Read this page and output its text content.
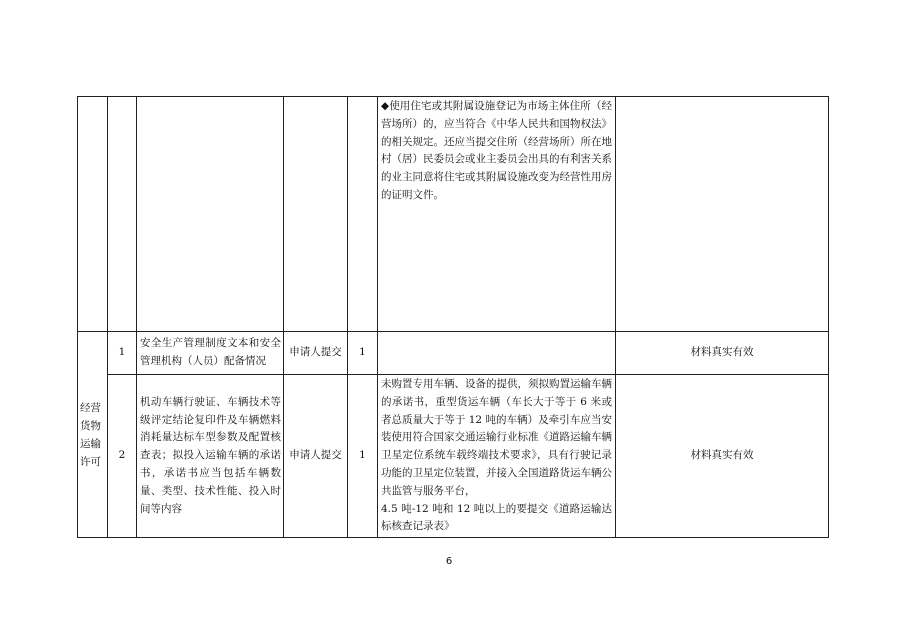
					◆使用住宅或其附属设施登记为市场主体住所（经营场所）的，应当符合《中华人民共和国物权法》的相关规定。还应当提交住所（经营场所）所在地村（居）民委员会或业主委员会出具的有利害关系的业主同意将住宅或其附属设施改变为经营性用房的证明文件。	

经营货物运输许可	1	安全生产管理制度文本和安全管理机构（人员）配备情况	申请人提交	1		材料真实有效
	2	机动车辆行驶证、车辆技术等级评定结论复印件及车辆燃料消耗量达标车型参数及配置核查表；拟投入运输车辆的承诺书，承诺书应当包括车辆数量、类型、技术性能、投入时间等内容	申请人提交	1	未购置专用车辆、设备的提供，须拟购置运输车辆的承诺书，重型货运车辆（车长大于等于 6 米或者总质量大于等于 12 吨的车辆）及牵引车应当安装使用符合国家交通运输行业标准《道路运输车辆卫星定位系统车载终端技术要求》，具有行驶记录功能的卫星定位装置，并接入全国道路货运车辆公共监管与服务平台，
4.5 吨-12 吨和 12 吨以上的要提交《道路运输达标核查记录表》	材料真实有效
6
